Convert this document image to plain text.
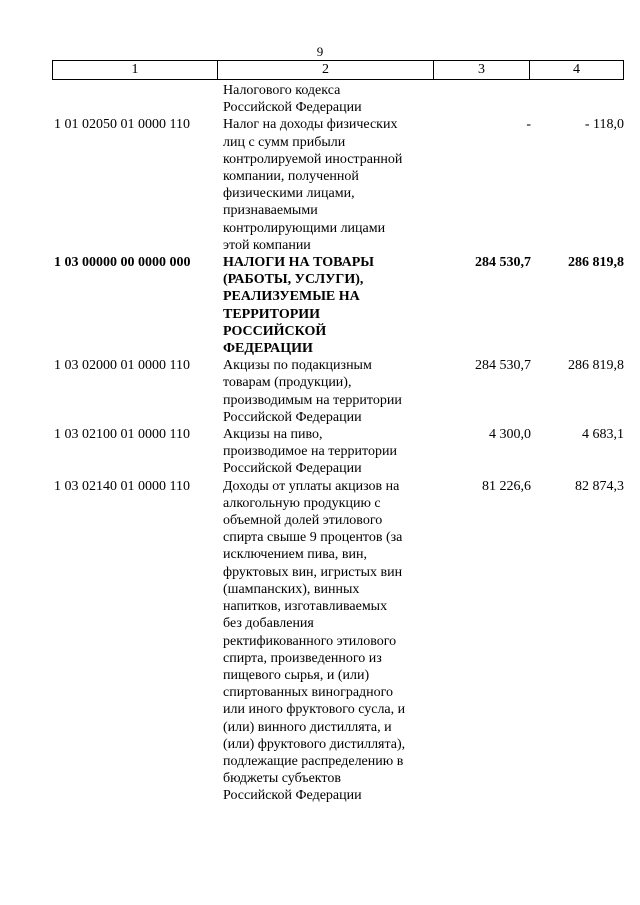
9
1	2	3	4
Налогового кодекса
Российской Федерации
1 01 02050 01 0000 110	Налог на доходы физических
лиц с сумм прибыли
контролируемой иностранной
компании, полученной
физическими лицами,
признаваемыми
контролирующими лицами
этой компании
-	- 118,0
1 03 00000 00 0000 000	НАЛОГИ НА ТОВАРЫ
(РАБОТЫ, УСЛУГИ),
РЕАЛИЗУЕМЫЕ НА
ТЕРРИТОРИИ
РОССИЙСКОЙ
ФЕДЕРАЦИИ
284 530,7	286 819,8
1 03 02000 01 0000 110	Акцизы по подакцизным
товарам (продукции),
производимым на территории
Российской Федерации
284 530,7	286 819,8
1 03 02100 01 0000 110	Акцизы на пиво,
производимое на территории
Российской Федерации
4 300,0	4 683,1
1 03 02140 01 0000 110	Доходы от уплаты акцизов на
алкогольную продукцию с
объемной долей этилового
спирта свыше 9 процентов (за
исключением пива, вин,
фруктовых вин, игристых вин
(шампанских), винных
напитков, изготавливаемых
без добавления
ректификованного этилового
спирта, произведенного из
пищевого сырья, и (или)
спиртованных виноградного
или иного фруктового сусла, и
(или) винного дистиллята, и
(или) фруктового дистиллята),
подлежащие распределению в
бюджеты субъектов
Российской Федерации
81 226,6	82 874,3
